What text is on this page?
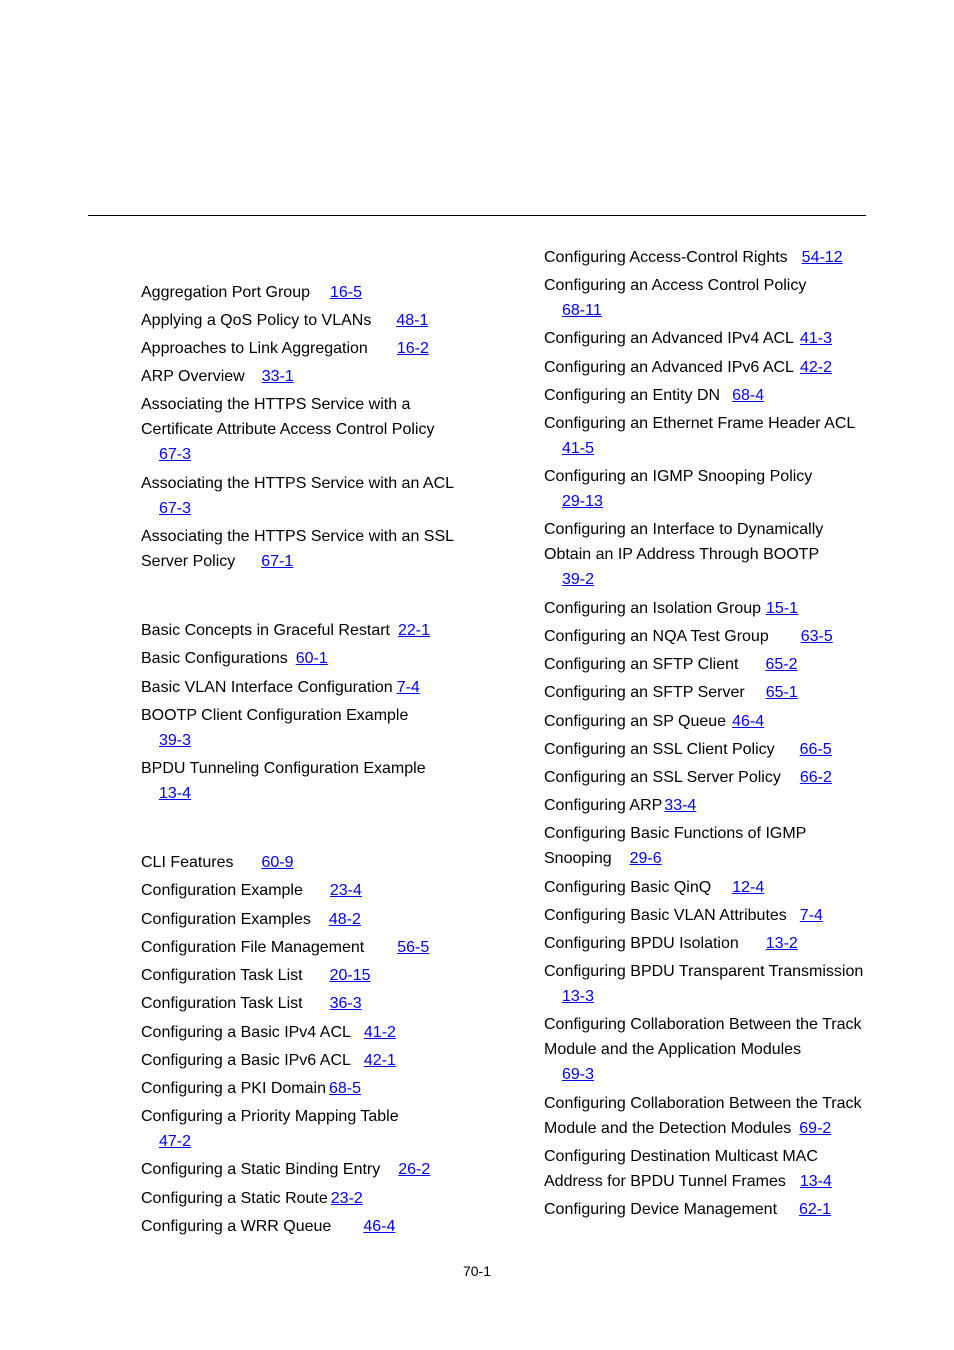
Aggregation Port Group 16-5
Applying a QoS Policy to VLANs 48-1
Approaches to Link Aggregation 16-2
ARP Overview 33-1
Associating the HTTPS Service with a
Certificate Attribute Access Control Policy
67-3
Associating the HTTPS Service with an ACL
67-3
Associating the HTTPS Service with an SSL
Server Policy 67-1
Basic Concepts in Graceful Restart 22-1
Basic Configurations 60-1
Basic VLAN Interface Configuration 7-4
BOOTP Client Configuration Example
39-3
BPDU Tunneling Configuration Example
13-4
CLI Features 60-9
Configuration Example 23-4
Configuration Examples 48-2
Configuration File Management 56-5
Configuration Task List 20-15
Configuration Task List 36-3
Configuring a Basic IPv4 ACL 41-2
Configuring a Basic IPv6 ACL 42-1
Configuring a PKI Domain 68-5
Configuring a Priority Mapping Table
47-2
Configuring a Static Binding Entry 26-2
Configuring a Static Route 23-2
Configuring a WRR Queue 46-4
Configuring Access-Control Rights 54-12
Configuring an Access Control Policy
68-11
Configuring an Advanced IPv4 ACL 41-3
Configuring an Advanced IPv6 ACL 42-2
Configuring an Entity DN 68-4
Configuring an Ethernet Frame Header ACL
41-5
Configuring an IGMP Snooping Policy
29-13
Configuring an Interface to Dynamically
Obtain an IP Address Through BOOTP
39-2
Configuring an Isolation Group 15-1
Configuring an NQA Test Group 63-5
Configuring an SFTP Client 65-2
Configuring an SFTP Server 65-1
Configuring an SP Queue 46-4
Configuring an SSL Client Policy 66-5
Configuring an SSL Server Policy 66-2
Configuring ARP 33-4
Configuring Basic Functions of IGMP
Snooping 29-6
Configuring Basic QinQ 12-4
Configuring Basic VLAN Attributes 7-4
Configuring BPDU Isolation 13-2
Configuring BPDU Transparent Transmission
13-3
Configuring Collaboration Between the Track
Module and the Application Modules
69-3
Configuring Collaboration Between the Track
Module and the Detection Modules 69-2
Configuring Destination Multicast MAC
Address for BPDU Tunnel Frames 13-4
Configuring Device Management 62-1
70-1
